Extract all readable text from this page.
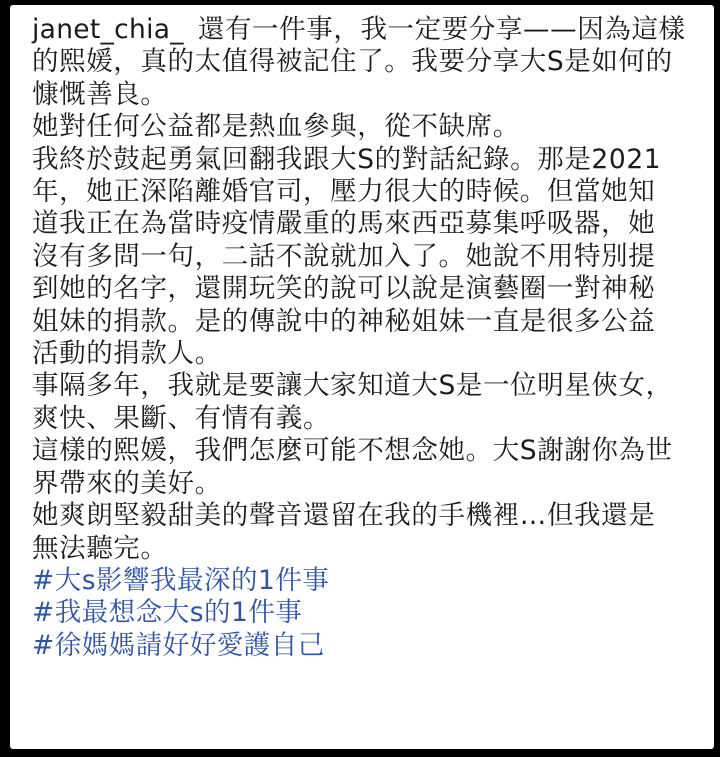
janet_chia_ 還有一件事，我一定要分享——因為這樣
的熙媛，真的太值得被記住了。我要分享大S是如何的
慷慨善良。
她對任何公益都是熱血參與，從不缺席。
我終於鼓起勇氣回翻我跟大S的對話紀錄。那是2021
年，她正深陷離婚官司，壓力很大的時候。但當她知
道我正在為當時疫情嚴重的馬來西亞募集呼吸器，她
沒有多問一句，二話不說就加入了。她說不用特別提
到她的名字，還開玩笑的說可以說是演藝圈一對神秘
姐妹的捐款。是的傳說中的神秘姐妹一直是很多公益
活動的捐款人。
事隔多年，我就是要讓大家知道大S是一位明星俠女，
爽快、果斷、有情有義。
這樣的熙媛，我們怎麼可能不想念她。大S謝謝你為世
界帶來的美好。
她爽朗堅毅甜美的聲音還留在我的手機裡…但我還是
無法聽完。
#大s影響我最深的1件事
#我最想念大s的1件事
#徐媽媽請好好愛護自己
